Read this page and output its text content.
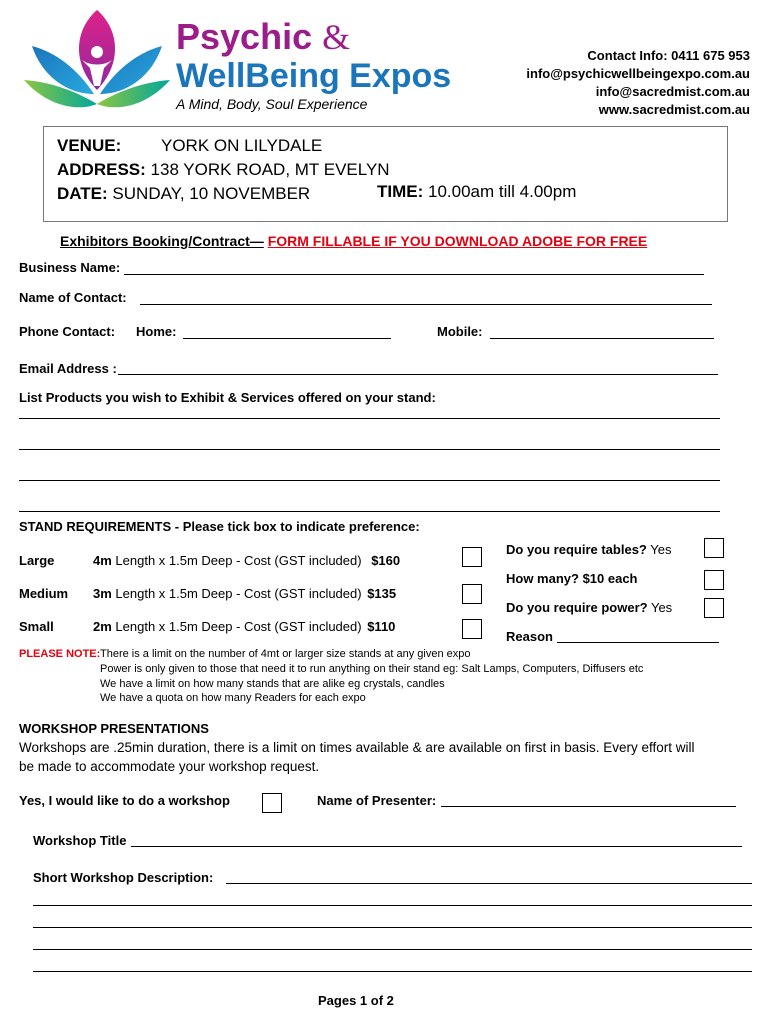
Psychic &
WellBeing Expos
A Mind, Body, Soul Experience
Contact Info: 0411 675 953
info@psychicwellbeingexpo.com.au
info@sacredmist.com.au
www.sacredmist.com.au
VENUE: YORK ON LILYDALE
ADDRESS: 138 YORK ROAD, MT EVELYN
DATE: SUNDAY, 10 NOVEMBER	TIME: 10.00am till 4.00pm
Exhibitors Booking/Contract— FORM FILLABLE IF YOU DOWNLOAD ADOBE FOR FREE
Business Name:
Name of Contact:
Phone Contact: Home:	Mobile:
Email Address :
List Products you wish to Exhibit & Services offered on your stand:
STAND REQUIREMENTS - Please tick box to indicate preference:
Large	4m Length x 1.5m Deep - Cost (GST included) $160
Medium 3m Length x 1.5m Deep - Cost (GST included) $135
Small	2m Length x 1.5m Deep - Cost (GST included) $110
Do you require tables? Yes
How many? $10 each
Do you require power? Yes
Reason
PLEASE NOTE: There is a limit on the number of 4mt or larger size stands at any given expo
Power is only given to those that need it to run anything on their stand eg: Salt Lamps, Computers, Diffusers etc
We have a limit on how many stands that are alike eg crystals, candles
We have a quota on how many Readers for each expo
WORKSHOP PRESENTATIONS
Workshops are .25min duration, there is a limit on times available & are available on first in basis. Every effort will
be made to accommodate your workshop request.
Yes, I would like to do a workshop	Name of Presenter:
Workshop Title
Short Workshop Description:
Pages 1 of 2
